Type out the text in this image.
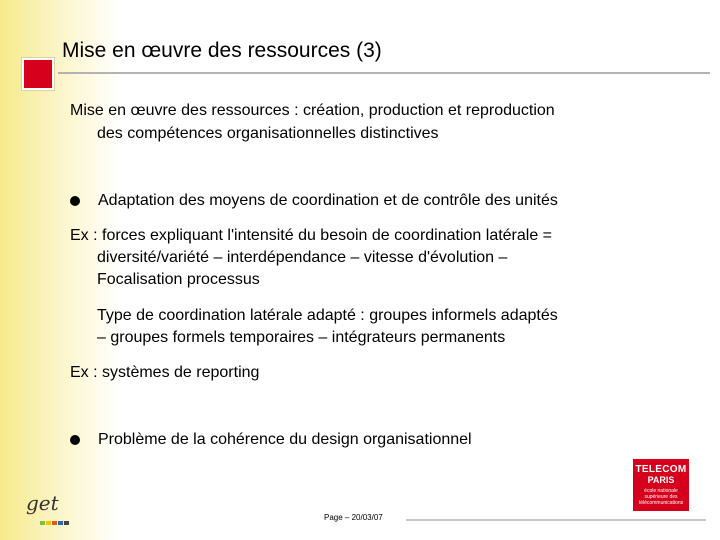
Mise en œuvre des ressources (3)
Mise en œuvre des ressources : création, production et reproduction
des compétences organisationnelles distinctives
Adaptation des moyens de coordination et de contrôle des unités
Ex : forces expliquant l'intensité du besoin de coordination latérale =
diversité/variété – interdépendance – vitesse d'évolution –
Focalisation processus
Type de coordination latérale adapté : groupes informels adaptés
– groupes formels temporaires – intégrateurs permanents
Ex : systèmes de reporting
Problème de la cohérence du design organisationnel
get
TELECOM
PARIS
école nationale supérieure des télécommunications
Page – 20/03/07
